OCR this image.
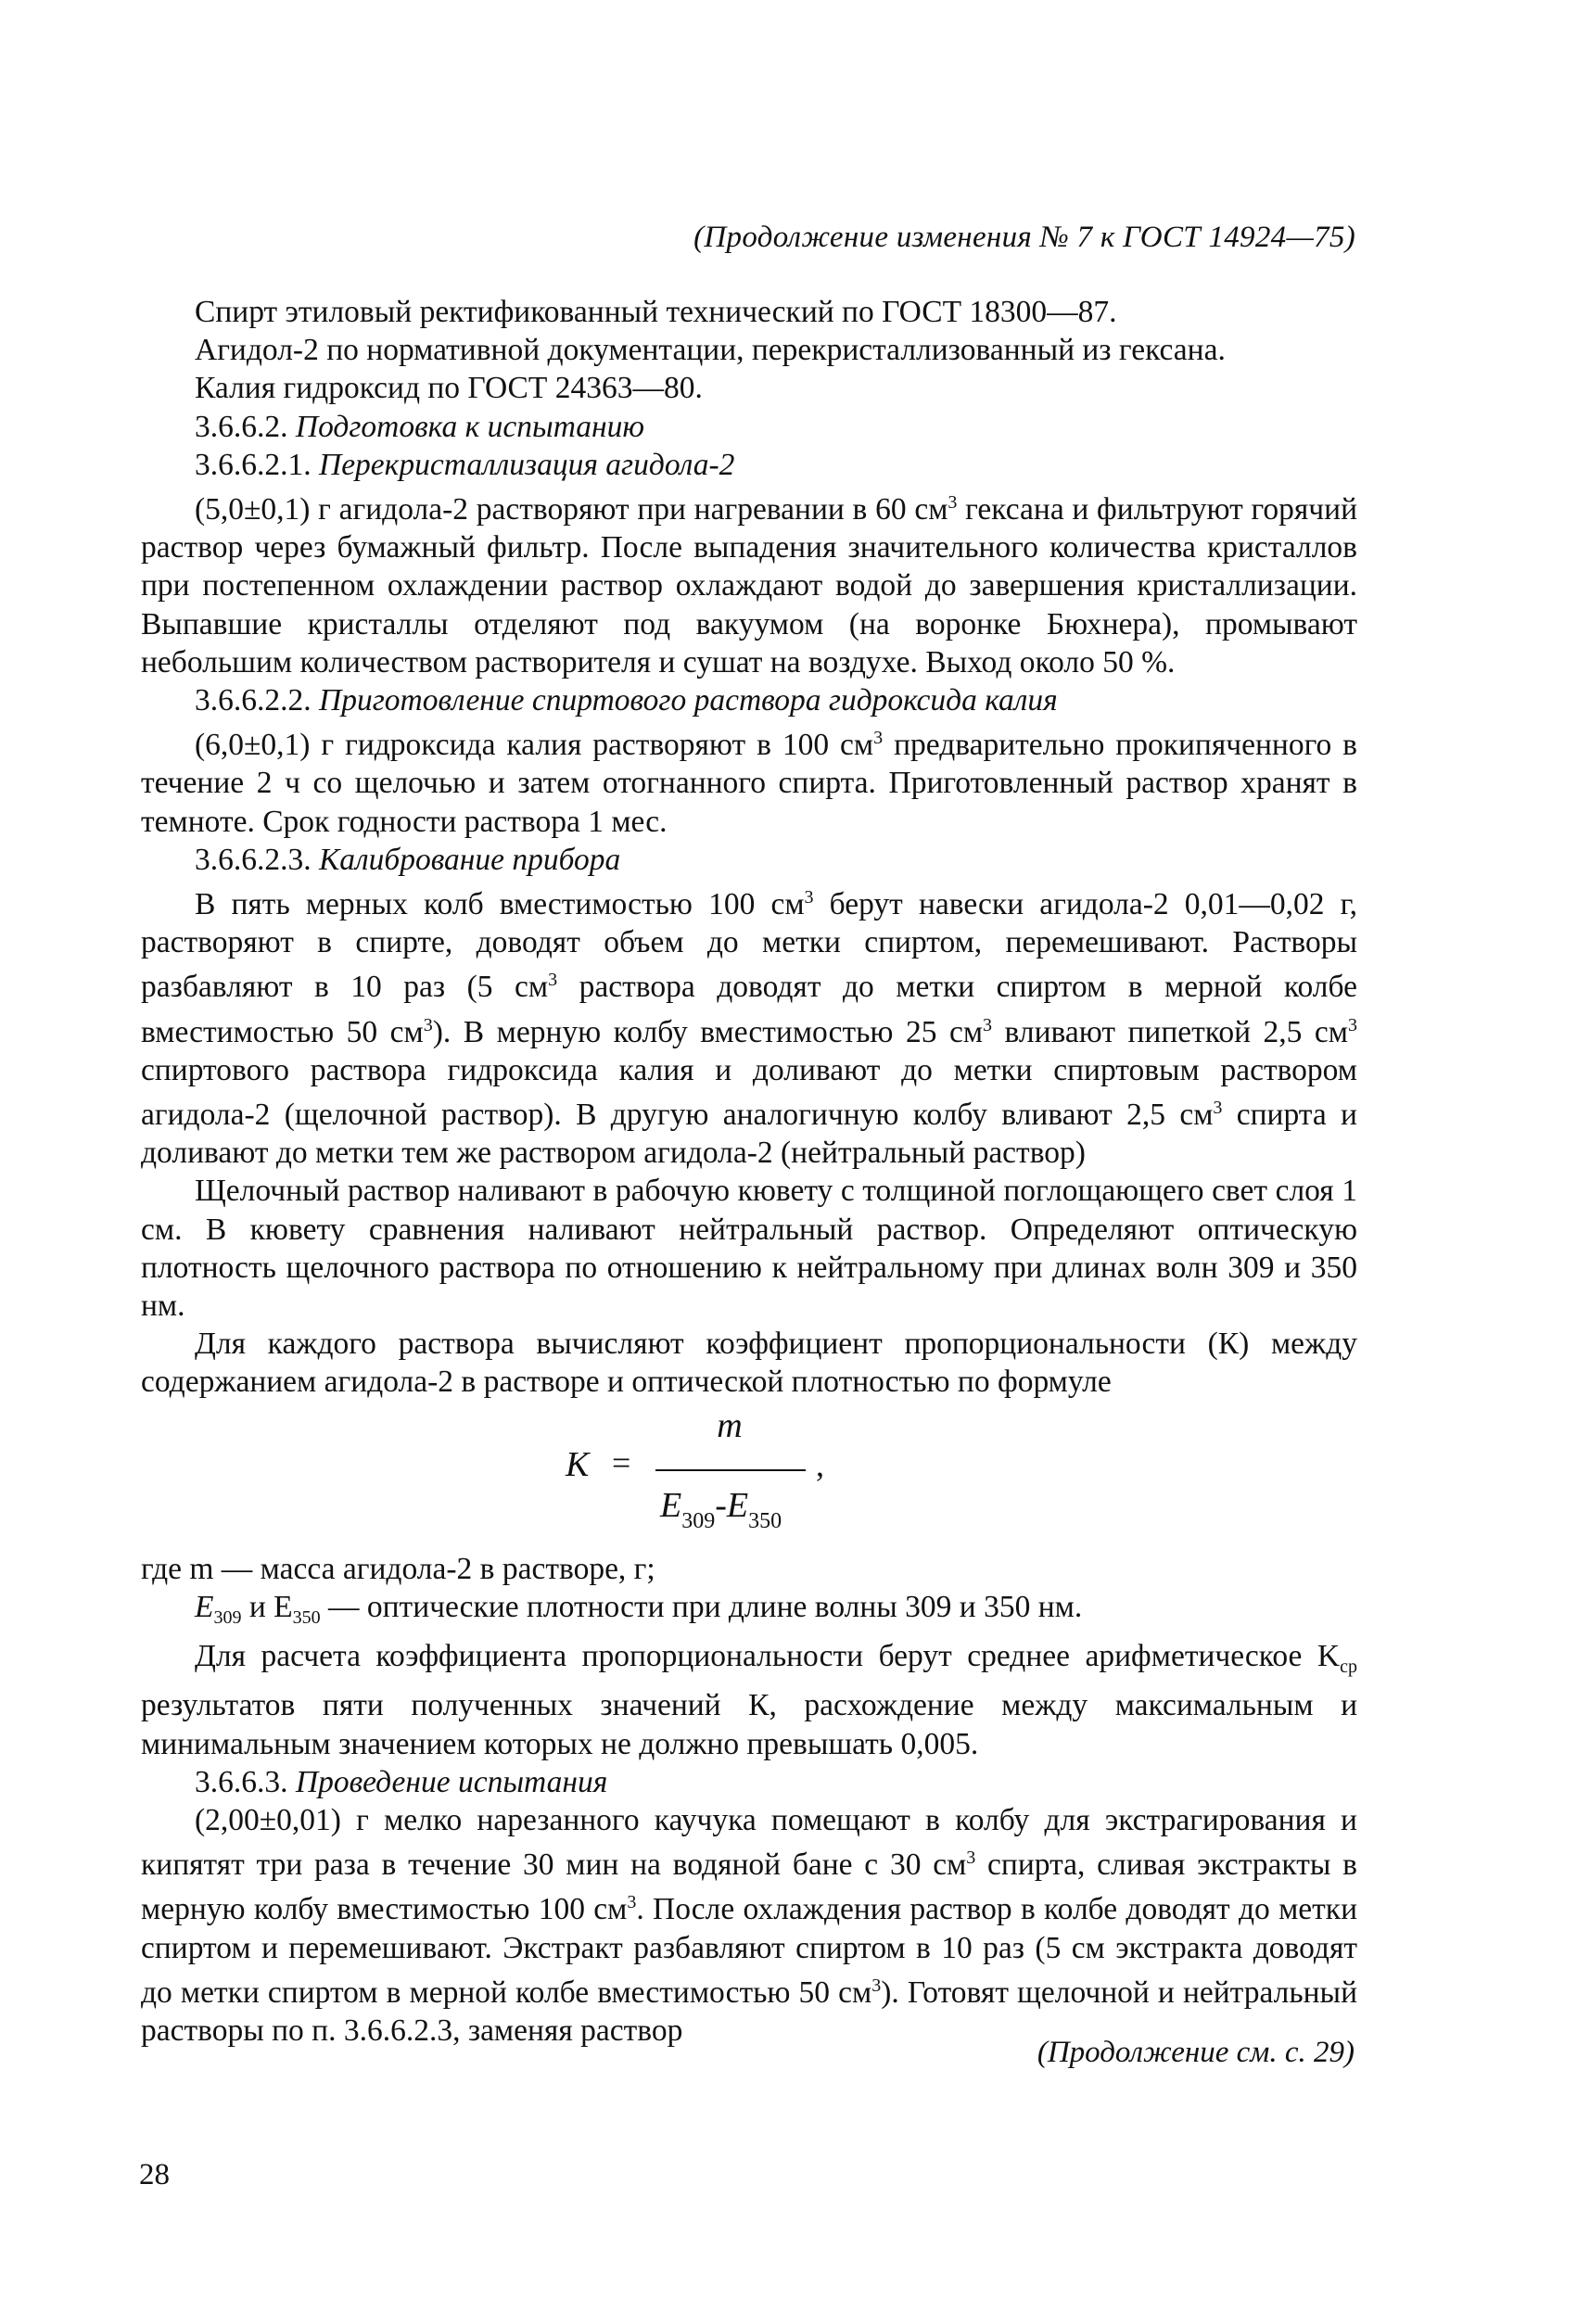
(Продолжение изменения № 7 к ГОСТ 14924—75)

Спирт этиловый ректификованный технический по ГОСТ 18300—87.

Агидол-2 по нормативной документации, перекристаллизованный из гексана.

Калия гидроксид по ГОСТ 24363—80.

3.6.6.2. Подготовка к испытанию
3.6.6.2.1. Перекристаллизация агидола-2

(5,0±0,1) г агидола-2 растворяют при нагревании в 60 $см^3$ гексана и фильтруют горячий раствор через бумажный фильтр. После выпадения значительного количества кристаллов при постепенном охлаждении раствор охлаждают водой до завершения кристаллизации. Выпавшие кристаллы отделяют под вакуумом (на воронке Бюхнера), промывают небольшим количеством растворителя и сушат на воздухе. Выход около 50 %.

3.6.6.2.2. Приготовление спиртового раствора гидроксида калия

(6,0±0,1) г гидроксида калия растворяют в 100 $см^3$ предварительно прокипяченного в течение 2 ч со щелочью и затем отогнанного спирта. Приготовленный раствор хранят в темноте. Срок годности раствора 1 мес.

3.6.6.2.3. Калибрование прибора

В пять мерных колб вместимостью 100 $см^3$ берут навески агидола-2 0,01—0,02 г, растворяют в спирте, доводят объем до метки спиртом, перемешивают. Растворы разбавляют в 10 раз (5 $см^3$ раствора доводят до метки спиртом в мерной колбе вместимостью 50 $см^3$). В мерную колбу вместимостью 25 $см^3$ вливают пипеткой 2,5 $см^3$ спиртового раствора гидроксида калия и доливают до метки спиртовым раствором агидола-2 (щелочной раствор). В другую аналогичную колбу вливают 2,5 $см^3$ спирта и доливают до метки тем же раствором агидола-2 (нейтральный раствор)

Щелочный раствор наливают в рабочую кювету с толщиной поглощающего свет слоя 1 см. В кювету сравнения наливают нейтральный раствор. Определяют оптическую плотность щелочного раствора по отношению к нейтральному при длинах волн 309 и 350 нм.

Для каждого раствора вычисляют коэффициент пропорциональности (К) между содержанием агидола-2 в растворе и оптической плотностью по формуле

K =
m
,
$E_{309}-E_{350}$

где m — масса агидола-2 в растворе, г;

$E_{309}$ и $E_{350}$ — оптические плотности при длине волны 309 и 350 нм.

Для расчета коэффициента пропорциональности берут среднее арифметическое $K_{ср}$ результатов пяти полученных значений К, расхождение между максимальным и минимальным значением которых не должно превышать 0,005.

3.6.6.3. Проведение испытания

(2,00±0,01) г мелко нарезанного каучука помещают в колбу для экстрагирования и кипятят три раза в течение 30 мин на водяной бане с 30 $см^3$ спирта, сливая экстракты в мерную колбу вместимостью 100 $см^3$. После охлаждения раствор в колбе доводят до метки спиртом и перемешивают. Экстракт разбавляют спиртом в 10 раз (5 см экстракта доводят до метки спиртом в мерной колбе вместимостью 50 $см^3$). Готовят щелочной и нейтральный растворы по п. 3.6.6.2.3, заменяя раствор

(Продолжение см. с. 29)
28
